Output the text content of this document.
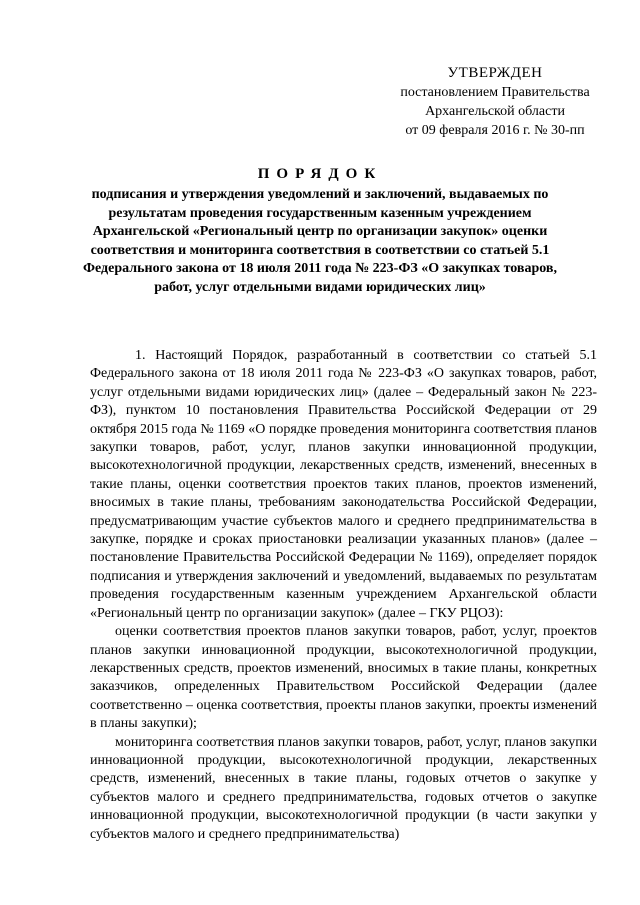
УТВЕРЖДЕН
постановлением Правительства
Архангельской области
от 09 февраля 2016 г. № 30-пп
ПОРЯДОК
подписания и утверждения уведомлений и заключений, выдаваемых по результатам проведения государственным казенным учреждением Архангельской «Региональный центр по организации закупок» оценки соответствия и мониторинга соответствия в соответствии со статьей 5.1 Федерального закона от 18 июля 2011 года № 223-ФЗ «О закупках товаров, работ, услуг отдельными видами юридических лиц»

1. Настоящий Порядок, разработанный в соответствии со статьей 5.1 Федерального закона от 18 июля 2011 года № 223-ФЗ «О закупках товаров, работ, услуг отдельными видами юридических лиц» (далее – Федеральный закон № 223-ФЗ), пунктом 10 постановления Правительства Российской Федерации от 29 октября 2015 года № 1169 «О порядке проведения мониторинга соответствия планов закупки товаров, работ, услуг, планов закупки инновационной продукции, высокотехнологичной продукции, лекарственных средств, изменений, внесенных в такие планы, оценки соответствия проектов таких планов, проектов изменений, вносимых в такие планы, требованиям законодательства Российской Федерации, предусматривающим участие субъектов малого и среднего предпринимательства в закупке, порядке и сроках приостановки реализации указанных планов» (далее – постановление Правительства Российской Федерации № 1169), определяет порядок подписания и утверждения заключений и уведомлений, выдаваемых по результатам проведения государственным казенным учреждением Архангельской области «Региональный центр по организации закупок» (далее – ГКУ РЦОЗ):

оценки соответствия проектов планов закупки товаров, работ, услуг, проектов планов закупки инновационной продукции, высокотехнологичной продукции, лекарственных средств, проектов изменений, вносимых в такие планы, конкретных заказчиков, определенных Правительством Российской Федерации (далее соответственно – оценка соответствия, проекты планов закупки, проекты изменений в планы закупки);

мониторинга соответствия планов закупки товаров, работ, услуг, планов закупки инновационной продукции, высокотехнологичной продукции, лекарственных средств, изменений, внесенных в такие планы, годовых отчетов о закупке у субъектов малого и среднего предпринимательства, годовых отчетов о закупке инновационной продукции, высокотехнологичной продукции (в части закупки у субъектов малого и среднего предпринимательства)
